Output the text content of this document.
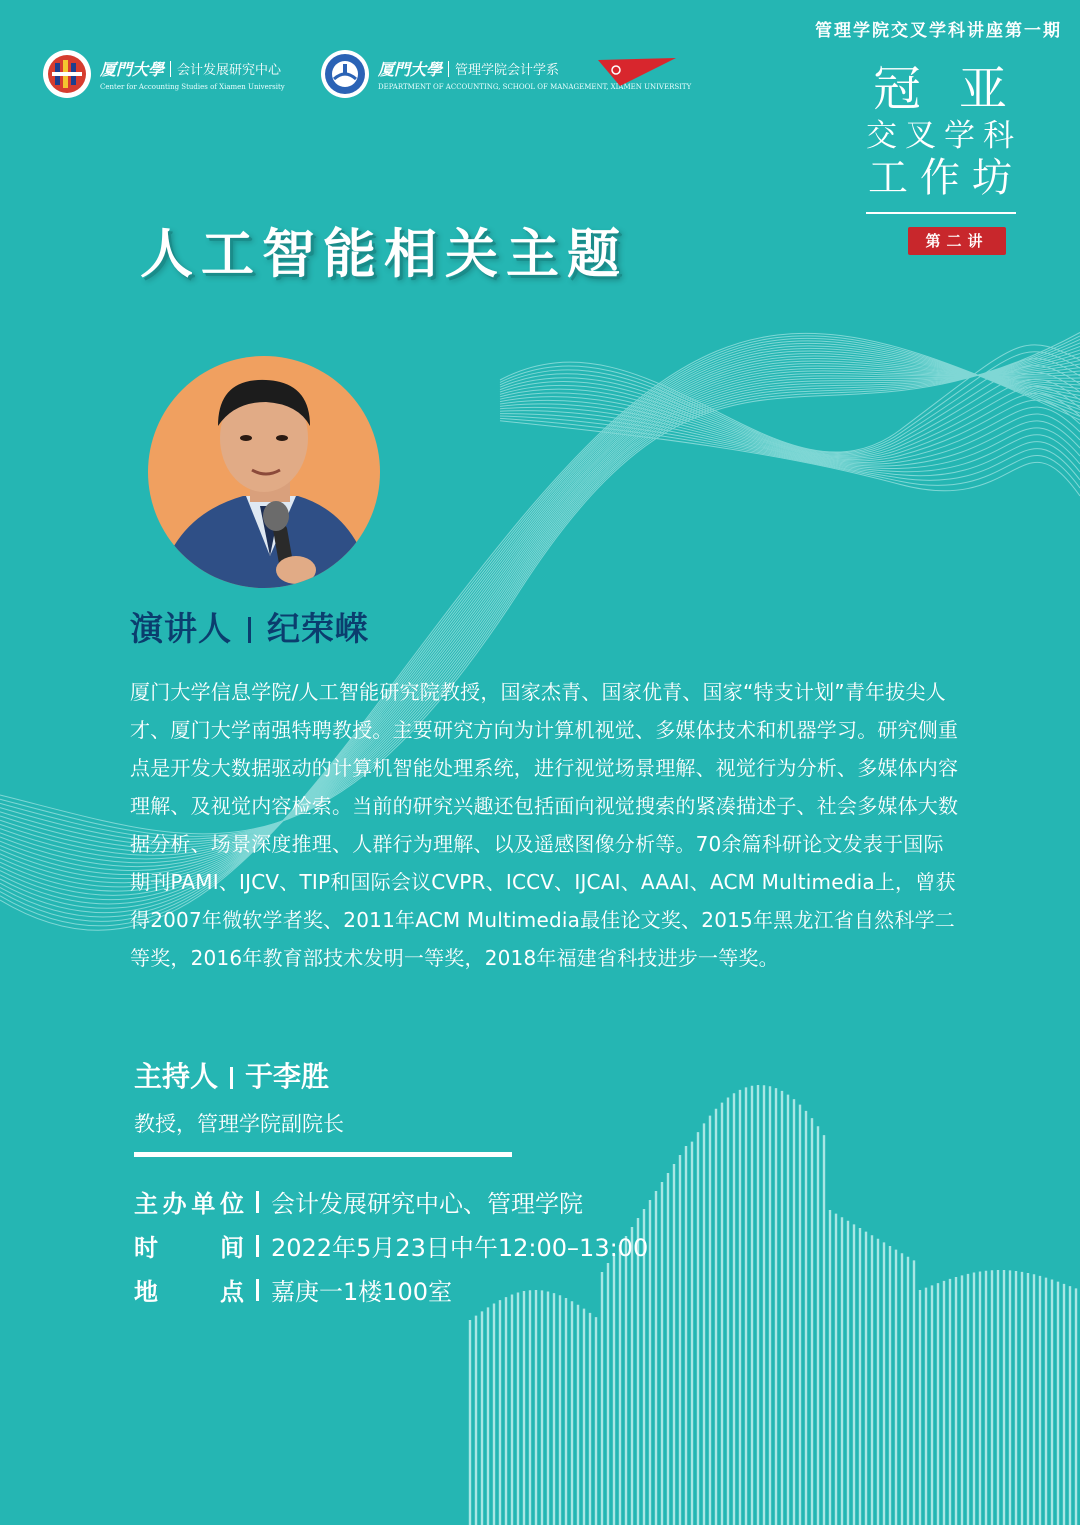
管理学院交叉学科讲座第一期
厦門大學 会计发展研究中心
Center for Accounting Studies of Xiamen University
厦門大學 管理学院会计学系
DEPARTMENT OF ACCOUNTING, SCHOOL OF MANAGEMENT, XIAMEN UNIVERSITY	冠亚
交叉学科
工作坊
第二讲
人工智能相关主题
演讲人 纪荣嵘
厦门大学信息学院/人工智能研究院教授，国家杰青、国家优青、国家“特支计划”青年拔尖人才、厦门大学南强特聘教授。主要研究方向为计算机视觉、多媒体技术和机器学习。研究侧重点是开发大数据驱动的计算机智能处理系统，进行视觉场景理解、视觉行为分析、多媒体内容理解、及视觉内容检索。当前的研究兴趣还包括面向视觉搜索的紧凑描述子、社会多媒体大数据分析、场景深度推理、人群行为理解、以及遥感图像分析等。70余篇科研论文发表于国际期刊PAMI、IJCV、TIP和国际会议CVPR、ICCV、IJCAI、AAAI、ACM Multimedia上，曾获得2007年微软学者奖、2011年ACM Multimedia最佳论文奖、2015年黑龙江省自然科学二等奖，2016年教育部技术发明一等奖，2018年福建省科技进步一等奖。
主持人 于李胜
教授，管理学院副院长
主办单位 会计发展研究中心、管理学院
时间 2022年5月23日中午12:00–13:00
地点 嘉庚一1楼100室
